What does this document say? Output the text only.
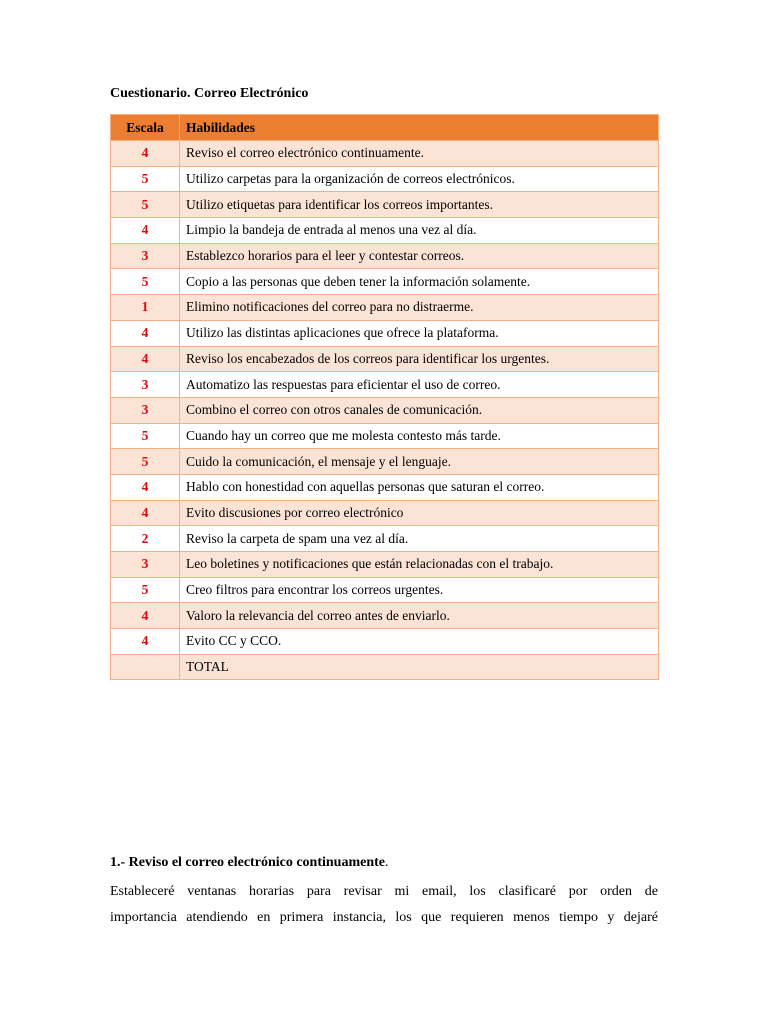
Cuestionario. Correo Electrónico
Escala	Habilidades
4	Reviso el correo electrónico continuamente.
5	Utilizo carpetas para la organización de correos electrónicos.
5	Utilizo etiquetas para identificar los correos importantes.
4	Limpio la bandeja de entrada al menos una vez al día.
3	Establezco horarios para el leer y contestar correos.
5	Copio a las personas que deben tener la información solamente.
1	Elimino notificaciones del correo para no distraerme.
4	Utilizo las distintas aplicaciones que ofrece la plataforma.
4	Reviso los encabezados de los correos para identificar los urgentes.
3	Automatizo las respuestas para eficientar el uso de correo.
3	Combino el correo con otros canales de comunicación.
5	Cuando hay un correo que me molesta contesto más tarde.
5	Cuido la comunicación, el mensaje y el lenguaje.
4	Hablo con honestidad con aquellas personas que saturan el correo.
4	Evito discusiones por correo electrónico
2	Reviso la carpeta de spam una vez al día.
3	Leo boletines y notificaciones que están relacionadas con el trabajo.
5	Creo filtros para encontrar los correos urgentes.
4	Valoro la relevancia del correo antes de enviarlo.
4	Evito CC y CCO.
	TOTAL
1.- Reviso el correo electrónico continuamente.
Estableceré ventanas horarias para revisar mi email, los clasificaré por orden de
importancia atendiendo en primera instancia, los que requieren menos tiempo y dejaré
